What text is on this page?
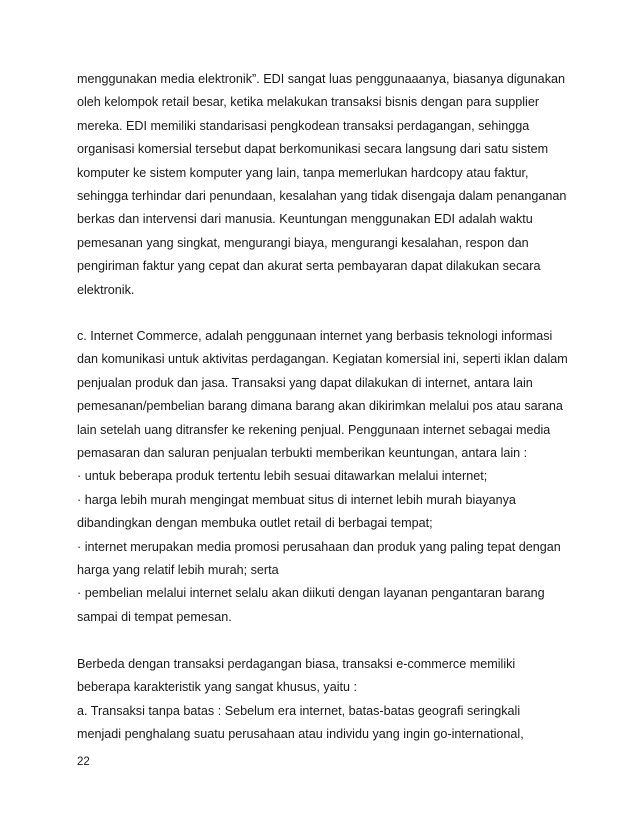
menggunakan media elektronik”. EDI sangat luas penggunaaanya, biasanya digunakan
oleh kelompok retail besar, ketika melakukan transaksi bisnis dengan para supplier
mereka. EDI memiliki standarisasi pengkodean transaksi perdagangan, sehingga
organisasi komersial tersebut dapat berkomunikasi secara langsung dari satu sistem
komputer ke sistem komputer yang lain, tanpa memerlukan hardcopy atau faktur,
sehingga terhindar dari penundaan, kesalahan yang tidak disengaja dalam penanganan
berkas dan intervensi dari manusia. Keuntungan menggunakan EDI adalah waktu
pemesanan yang singkat, mengurangi biaya, mengurangi kesalahan, respon dan
pengiriman faktur yang cepat dan akurat serta pembayaran dapat dilakukan secara
elektronik.
c. Internet Commerce, adalah penggunaan internet yang berbasis teknologi informasi
dan komunikasi untuk aktivitas perdagangan. Kegiatan komersial ini, seperti iklan dalam
penjualan produk dan jasa. Transaksi yang dapat dilakukan di internet, antara lain
pemesanan/pembelian barang dimana barang akan dikirimkan melalui pos atau sarana
lain setelah uang ditransfer ke rekening penjual. Penggunaan internet sebagai media
pemasaran dan saluran penjualan terbukti memberikan keuntungan, antara lain :
· untuk beberapa produk tertentu lebih sesuai ditawarkan melalui internet;
· harga lebih murah mengingat membuat situs di internet lebih murah biayanya
dibandingkan dengan membuka outlet retail di berbagai tempat;
· internet merupakan media promosi perusahaan dan produk yang paling tepat dengan
harga yang relatif lebih murah; serta
· pembelian melalui internet selalu akan diikuti dengan layanan pengantaran barang
sampai di tempat pemesan.
Berbeda dengan transaksi perdagangan biasa, transaksi e-commerce memiliki
beberapa karakteristik yang sangat khusus, yaitu :
a. Transaksi tanpa batas : Sebelum era internet, batas-batas geografi seringkali
menjadi penghalang suatu perusahaan atau individu yang ingin go-international,
22
